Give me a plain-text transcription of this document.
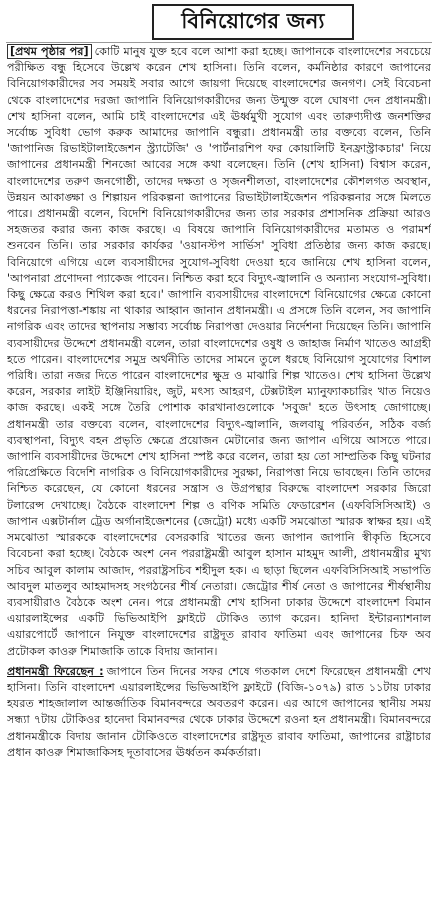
বিনিয়োগের জন্য

[প্রথম পৃষ্ঠার পর] কোটি মানুষ যুক্ত হবে বলে আশা করা হচ্ছে। জাপানকে বাংলাদেশের সবচেয়ে পরীক্ষিত বন্ধু হিসেবে উল্লেখ করেন শেখ হাসিনা। তিনি বলেন, কর্মনিষ্ঠার কারণে জাপানের বিনিয়োগকারীদের সব সময়ই সবার আগে জায়গা দিয়েছে বাংলাদেশের জনগণ। সেই বিবেচনা থেকে বাংলাদেশের দরজা জাপানি বিনিয়োগকারীদের জন্য উন্মুক্ত বলে ঘোষণা দেন প্রধানমন্ত্রী। শেখ হাসিনা বলেন, আমি চাই বাংলাদেশের এই ঊর্ধ্বমুখী সুযোগ এবং তারুণ্যদীপ্ত জনশক্তির সর্বোচ্চ সুবিধা ভোগ করুক আমাদের জাপানি বন্ধুরা। প্রধানমন্ত্রী তার বক্তব্যে বলেন, তিনি 'জাপানিজ রিভাইটালাইজেশন স্ট্র্যাটেজি' ও 'পার্টনারশিপ ফর কোয়ালিটি ইনফ্রাস্ট্রাকচার' নিয়ে জাপানের প্রধানমন্ত্রী শিনজো আবের সঙ্গে কথা বলেছেন। তিনি (শেখ হাসিনা) বিশ্বাস করেন, বাংলাদেশের তরুণ জনগোষ্ঠী, তাদের দক্ষতা ও সৃজনশীলতা, বাংলাদেশের কৌশলগত অবস্থান, উন্নয়ন আকাঙ্ক্ষা ও শিল্পায়ন পরিকল্পনা জাপানের রিভাইটালাইজেশন পরিকল্পনার সঙ্গে মিলতে পারে। প্রধানমন্ত্রী বলেন, বিদেশি বিনিয়োগকারীদের জন্য তার সরকার প্রশাসনিক প্রক্রিয়া আরও সহজতর করার জন্য কাজ করছে। এ বিষয়ে জাপানি বিনিয়োগকারীদের মতামত ও পরামর্শ শুনবেন তিনি। তার সরকার কার্যকর 'ওয়ানস্টপ সার্ভিস' সুবিধা প্রতিষ্ঠার জন্য কাজ করছে। বিনিয়োগে এগিয়ে এলে ব্যবসায়ীদের সুযোগ-সুবিধা দেওয়া হবে জানিয়ে শেখ হাসিনা বলেন, 'আপনারা প্রণোদনা প্যাকেজ পাবেন। নিশ্চিত করা হবে বিদ্যুৎ-জ্বালানি ও অন্যান্য সংযোগ-সুবিধা। কিছু ক্ষেত্রে করও শিথিল করা হবে।' জাপানি ব্যবসায়ীদের বাংলাদেশে বিনিয়োগের ক্ষেত্রে কোনো ধরনের নিরাপত্তা-শঙ্কায় না থাকার আহ্বান জানান প্রধানমন্ত্রী। এ প্রসঙ্গে তিনি বলেন, সব জাপানি নাগরিক এবং তাদের স্থাপনায় সম্ভাব্য সর্বোচ্চ নিরাপত্তা দেওয়ার নির্দেশনা দিয়েছেন তিনি। জাপানি ব্যবসায়ীদের উদ্দেশে প্রধানমন্ত্রী বলেন, তারা বাংলাদেশের ওষুধ ও জাহাজ নির্মাণ খাতেও আগ্রহী হতে পারেন। বাংলাদেশের সমুদ্র অর্থনীতি তাদের সামনে তুলে ধরছে বিনিয়োগ সুযোগের বিশাল পরিধি। তারা নজর দিতে পারেন বাংলাদেশের ক্ষুদ্র ও মাঝারি শিল্প খাতেও। শেখ হাসিনা উল্লেখ করেন, সরকার লাইট ইঞ্জিনিয়ারিং, জুট, মৎস্য আহরণ, টেক্সটাইল ম্যানুফ্যাকচারিং খাত নিয়েও কাজ করছে। একই সঙ্গে তৈরি পোশাক কারখানাগুলোকে 'সবুজ' হতে উৎসাহ জোগাচ্ছে। প্রধানমন্ত্রী তার বক্তব্যে বলেন, বাংলাদেশের বিদ্যুৎ-জ্বালানি, জলবায়ু পরিবর্তন, সঠিক বর্জ্য ব্যবস্থাপনা, বিদ্যুৎ বহন প্রভৃতি ক্ষেত্রে প্রয়োজন মেটানোর জন্য জাপান এগিয়ে আসতে পারে। জাপানি ব্যবসায়ীদের উদ্দেশে শেখ হাসিনা স্পষ্ট করে বলেন, তারা হয় তো সাম্প্রতিক কিছু ঘটনার পরিপ্রেক্ষিতে বিদেশি নাগরিক ও বিনিয়োগকারীদের সুরক্ষা, নিরাপত্তা নিয়ে ভাবছেন। তিনি তাদের নিশ্চিত করেছেন, যে কোনো ধরনের সন্ত্রাস ও উগ্রপন্থার বিরুদ্ধে বাংলাদেশ সরকার জিরো টলারেন্স দেখাচ্ছে। বৈঠকে বাংলাদেশ শিল্প ও বণিক সমিতি ফেডারেশন (এফবিসিসিআই) ও জাপান এক্সটার্নাল ট্রেড অর্গানাইজেশনের (জেট্রো) মধ্যে একটি সমঝোতা স্মারক স্বাক্ষর হয়। এই সমঝোতা স্মারককে বাংলাদেশের বেসরকারি খাতের জন্য জাপান জাপানি স্বীকৃতি হিসেবে বিবেচনা করা হচ্ছে। বৈঠকে অংশ নেন পররাষ্ট্রমন্ত্রী আবুল হাসান মাহমুদ আলী, প্রধানমন্ত্রীর মুখ্য সচিব আবুল কালাম আজাদ, পররাষ্ট্রসচিব শহীদুল হক। এ ছাড়া ছিলেন এফবিসিসিআই সভাপতি আবদুল মাতলুব আহমাদসহ সংগঠনের শীর্ষ নেতারা। জেট্রোর শীর্ষ নেতা ও জাপানের শীর্ষস্থানীয় ব্যবসায়ীরাও বৈঠকে অংশ নেন। পরে প্রধানমন্ত্রী শেখ হাসিনা ঢাকার উদ্দেশে বাংলাদেশ বিমান এয়ারলাইন্সের একটি ভিভিআইপি ফ্লাইটে টোকিও ত্যাগ করেন। হানিদা ইন্টারন্যাশনাল এয়ারপোর্টে জাপানে নিযুক্ত বাংলাদেশের রাষ্ট্রদূত রাবাব ফাতিমা এবং জাপানের চিফ অব প্রটোকল কাওরু শিমাজাকি তাকে বিদায় জানান।

প্রধানমন্ত্রী ফিরেছেন : জাপানে তিন দিনের সফর শেষে গতকাল দেশে ফিরেছেন প্রধানমন্ত্রী শেখ হাসিনা। তিনি বাংলাদেশ এয়ারলাইন্সের ভিভিআইপি ফ্লাইটে (বিজি-১০৭৯) রাত ১১টায় ঢাকার হযরত শাহজালাল আন্তর্জাতিক বিমানবন্দরে অবতরণ করেন। এর আগে জাপানের স্থানীয় সময় সন্ধ্যা ৭টায় টোকিওর হানেদা বিমানবন্দর থেকে ঢাকার উদ্দেশে রওনা হন প্রধানমন্ত্রী। বিমানবন্দরে প্রধানমন্ত্রীকে বিদায় জানান টোকিওতে বাংলাদেশের রাষ্ট্রদূত রাবাব ফাতিমা, জাপানের রাষ্ট্রাচার প্রধান কাওরু শিমাজাকিসহ দূতাবাসের ঊর্ধ্বতন কর্মকর্তারা।
